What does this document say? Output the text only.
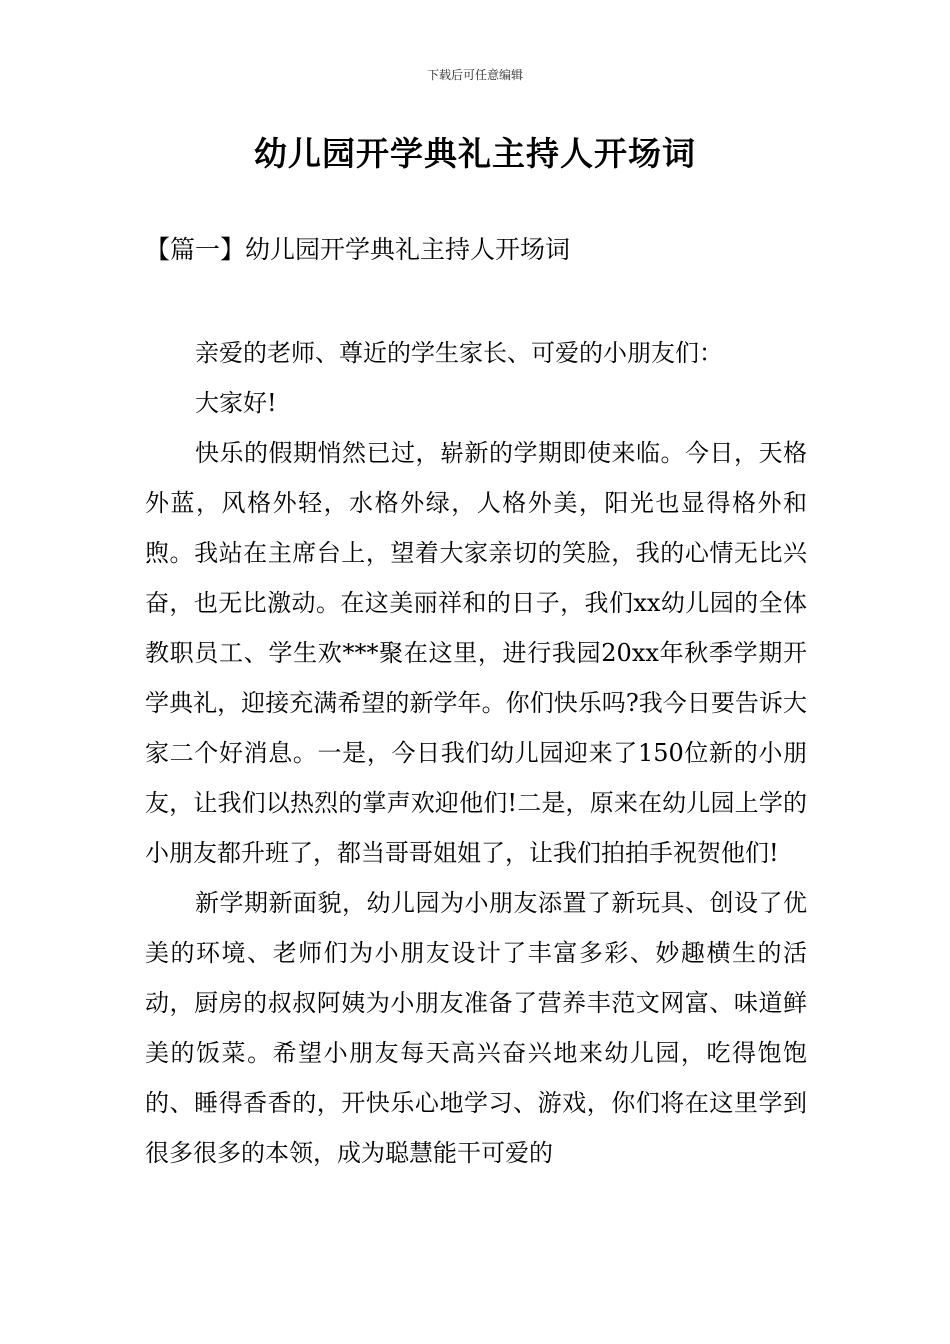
下载后可任意编辑
幼儿园开学典礼主持人开场词
【篇一】幼儿园开学典礼主持人开场词

亲爱的老师、尊近的学生家长、可爱的小朋友们：

大家好!

快乐的假期悄然已过，崭新的学期即使来临。今日，天格外蓝，风格外轻，水格外绿，人格外美，阳光也显得格外和煦。我站在主席台上，望着大家亲切的笑脸，我的心情无比兴奋，也无比激动。在这美丽祥和的日子，我们xx幼儿园的全体教职员工、学生欢***聚在这里，进行我园20xx年秋季学期开学典礼，迎接充满希望的新学年。你们快乐吗?我今日要告诉大家二个好消息。一是，今日我们幼儿园迎来了150位新的小朋友，让我们以热烈的掌声欢迎他们!二是，原来在幼儿园上学的小朋友都升班了，都当哥哥姐姐了，让我们拍拍手祝贺他们!

新学期新面貌，幼儿园为小朋友添置了新玩具、创设了优美的环境、老师们为小朋友设计了丰富多彩、妙趣横生的活动，厨房的叔叔阿姨为小朋友准备了营养丰范文网富、味道鲜美的饭菜。希望小朋友每天高兴奋兴地来幼儿园，吃得饱饱的、睡得香香的，开快乐心地学习、游戏，你们将在这里学到很多很多的本领，成为聪慧能干可爱的
